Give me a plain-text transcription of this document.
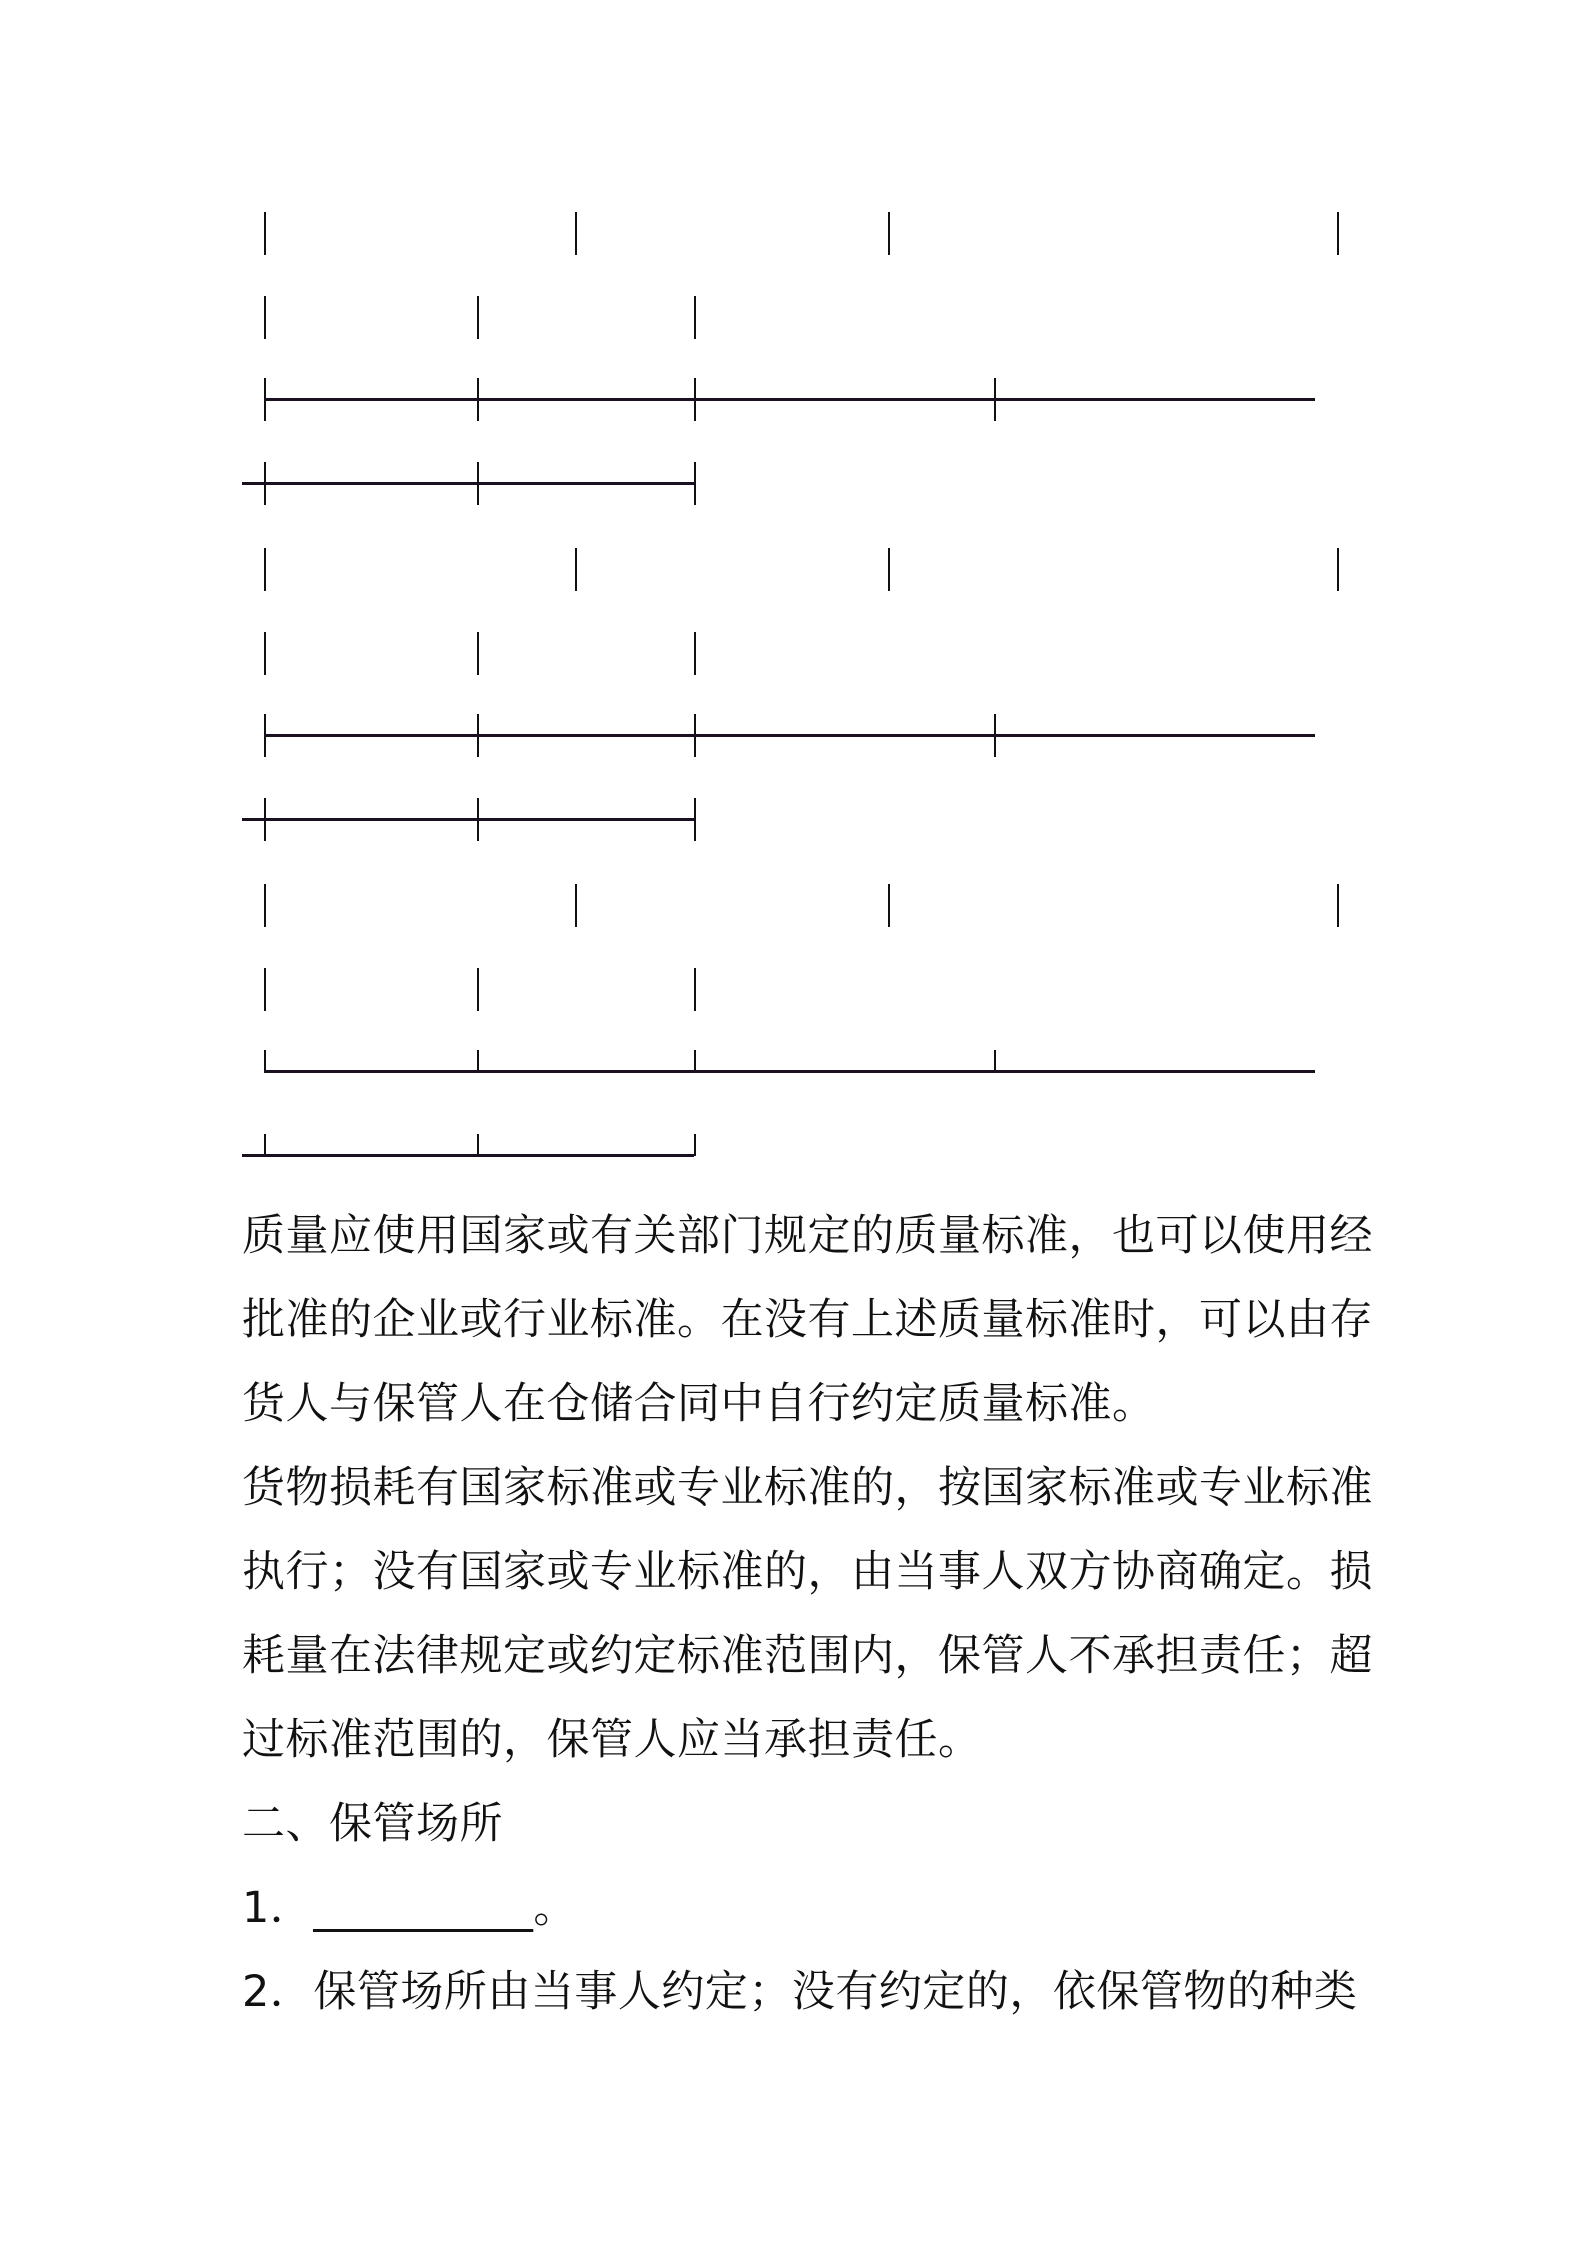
质量应使用国家或有关部门规定的质量标准，也可以使用经
批准的企业或行业标准。在没有上述质量标准时，可以由存
货人与保管人在仓储合同中自行约定质量标准。
货物损耗有国家标准或专业标准的，按国家标准或专业标准
执行；没有国家或专业标准的，由当事人双方协商确定。损
耗量在法律规定或约定标准范围内，保管人不承担责任；超
过标准范围的，保管人应当承担责任。
二、保管场所
1．__________。
2．保管场所由当事人约定；没有约定的，依保管物的种类
